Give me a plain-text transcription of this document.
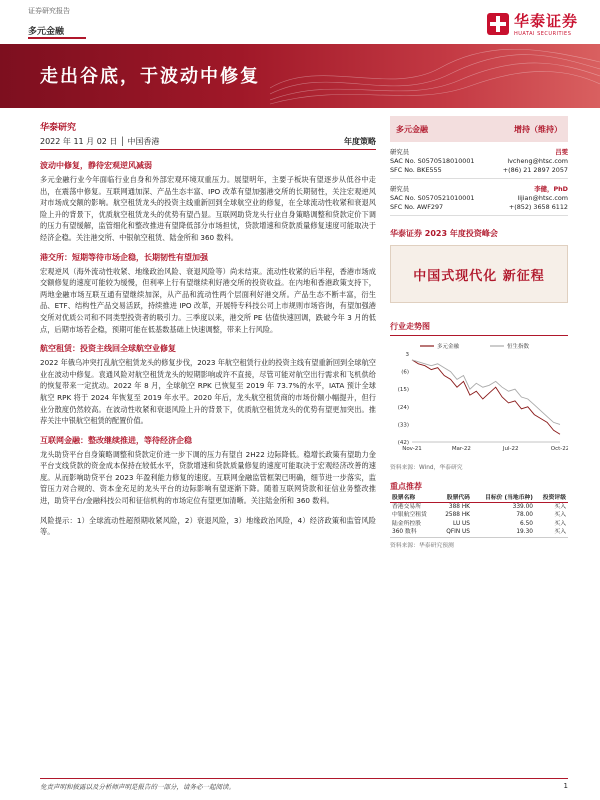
证券研究报告
多元金融
华泰证券
HUATAI SECURITIES
走出谷底，于波动中修复
华泰研究
2022 年 11 月 02 日 │ 中国香港	年度策略
波动中修复，静待宏观逆风减弱
多元金融行业今年面临行业自身和外部宏观环境双重压力。展望明年，主要子板块有望逐步从低谷中走出，在震荡中修复。互联网通加深、产品生态丰富、IPO 改革有望加强港交所的长期韧性，关注宏观逆风对市场成交额的影响。航空租赁龙头的投资主线重新回到全球航空业的修复，在全球流动性收紧和衰退风险上升的背景下，优质航空租赁龙头的优势有望凸显。互联网助贷龙头行业自身策略调整和贷款定价下调的压力有望缓解，监管细化和整改推进有望降低部分市场担忧，贷款增速和贷款质量修复速度可能取决于经济企稳。关注港交所、中银航空租赁、陆金所和 360 数科。
港交所：短期等待市场企稳，长期韧性有望加强
宏观逆风（海外流动性收紧、地缘政治风险、衰退风险等）尚未结束。流动性收紧的后半程，香港市场成交额修复的速度可能较为缓慢，但利率上行有望继续利好港交所的投资收益。在内地和香港政策支持下，两地金融市场互联互通有望继续加深，从产品和流动性两个层面利好港交所。产品生态不断丰富，衍生品、ETF、结构性产品交易活跃，持续推进 IPO 改革，开展特专科技公司上市规则市场咨询，有望加强港交所对优质公司和不同类型投资者的吸引力。三季度以来，港交所 PE 估值快速回调，跌破今年 3 月的低点，后期市场若企稳，预期可能在低基数基础上快速调整，带来上行风险。
航空租赁：投资主线回全球航空业修复
2022 年俄乌冲突打乱航空租赁龙头的修复步伐，2023 年航空租赁行业的投资主线有望重新回到全球航空业在波动中修复。袁通风险对航空租赁龙头的短期影响或许不直接，尽管可能对航空出行需求和飞机供给的恢复带来一定扰动。2022 年 8 月，全球航空 RPK 已恢复至 2019 年 73.7%的水平，IATA 预计全球航空 RPK 将于 2024 年恢复至 2019 年水平。2020 年后，龙头航空租赁商的市场份额小幅提升，但行业分散度仍然较高。在波动性收紧和衰退风险上升的背景下，优质航空租赁龙头的优势有望更加突出。推荐关注中银航空租赁的配置价值。
互联网金融：整改继续推进，等待经济企稳
龙头助贷平台自身策略调整和贷款定价进一步下调的压力有望自 2H22 边际降低。稳增长政策有望助力金平台支线贷款的资金成本保持在较低水平，贷款增速和贷款质量修复的速度可能取决于宏观经济改善的速度。从而影响助贷平台 2023 年盈利能力修复的速度。互联网金融监管框架已明确，细节进一步落实，监管压力对合规的、资本金充足的龙头平台的边际影响有望逐渐下降。随着互联网贷款和征信业务整改推进，助贷平台/金融科技公司和征信机构的市场定位有望更加清晰。关注陆金所和 360 数科。
风险提示：1）全球流动性超预期收紧风险，2）衰退风险，3）地缘政治风险，4）经济政策和监管风险等。
多元金融	增持（维持）
研究员	吕雯
SAC No. S0570518010001	lvcheng@htsc.com
SFC No. BKE555	+(86) 21 2897 2057
研究员	李健，PhD
SAC No. S0570521010001	lijian@htsc.com
SFC No. AWF297	+(852) 3658 6112
华泰证券 2023 年度投资峰会
中国式现代化 新征程
行业走势图
多元金融	恒生指数
3
(6)
(15)
(24)
(33)
(42)
Nov-21	Mar-22	Jul-22	Oct-22
资料来源：Wind，华泰研究
重点推荐
股票名称	股票代码	目标价 (当地币种)	投资评级
香港交易所	388 HK	339.00	买入
中银航空租赁	2588 HK	78.00	买入
陆金所控股	LU US	6.50	买入
360 数科	QFIN US	19.30	买入
资料来源：华泰研究预测
免责声明和披露以及分析师声明是报告的一部分，请务必一起阅读。	1
